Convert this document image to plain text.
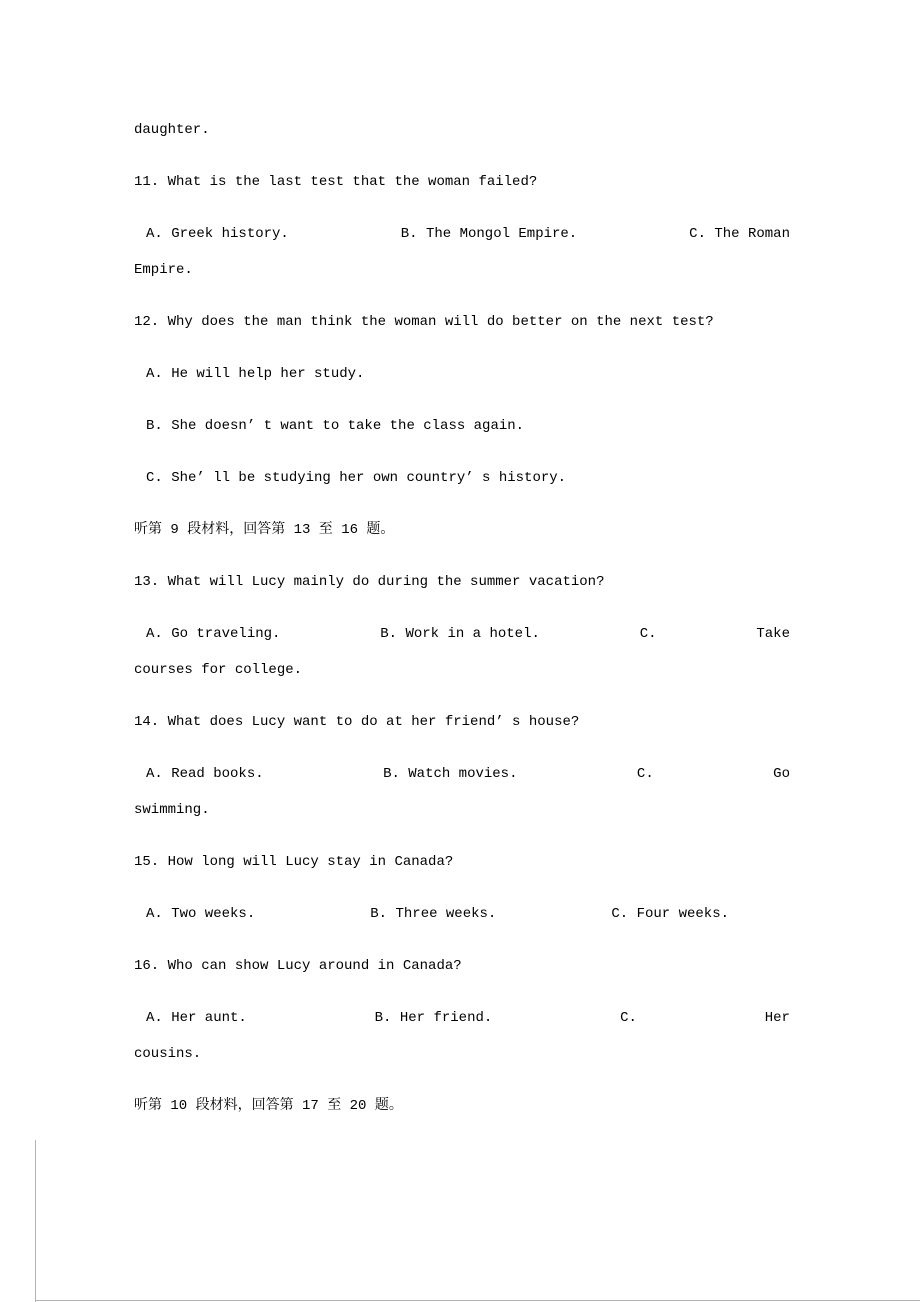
daughter.

11. What is the last test that the woman failed?

A. Greek history.	B. The Mongol Empire.	C. The Roman

Empire.

12. Why does the man think the woman will do better on the next test?

A. He will help her study.

B. She doesn’ t want to take the class again.

C. She’ ll be studying her own country’ s history.

听第 9 段材料，回答第 13 至 16 题。

13. What will Lucy mainly do during the summer vacation?

A. Go traveling.	B. Work in a hotel.	C.	Take

courses for college.

14. What does Lucy want to do at her friend’ s house?

A. Read books.	B. Watch movies.	C.	Go

swimming.

15. How long will Lucy stay in Canada?

A. Two weeks.	B. Three weeks.	C. Four weeks.

16. Who can show Lucy around in Canada?

A. Her aunt.	B. Her friend.	C.	Her

cousins.

听第 10 段材料，回答第 17 至 20 题。
